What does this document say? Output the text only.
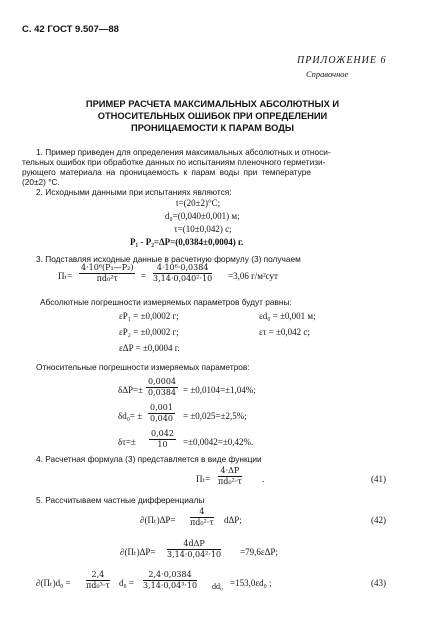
С. 42 ГОСТ 9.507—88
ПРИЛОЖЕНИЕ 6
Справочное
ПРИМЕР РАСЧЕТА МАКСИМАЛЬНЫХ АБСОЛЮТНЫХ И
ОТНОСИТЕЛЬНЫХ ОШИБОК ПРИ ОПРЕДЕЛЕНИИ
ПРОНИЦАЕМОСТИ К ПАРАМ ВОДЫ
1. Пример приведен для определения максимальных абсолютных и относи-
тельных ошибок при обработке данных по испытаниям пленочного герметизи-
рующего материала на проницаемость к парам воды при температуре
(20±2) °С.
2. Исходными данными при испытаниях являются:
t=(20±2)°С;
d₀=(0,040±0,001) м;
τ=(10±0,042) с;
P₁ - P₂=ΔP=(0,0384±0,0004) г.
3. Подставляя исходные данные в расчетную формулу (3) получаем
$П_t= \frac{\text{4·10⁶(P₁—P₂)}}{\text{πd₀²τ}} = \frac{\text{4·10⁶·0,0384}}{\text{3,14·0,040²·10}} =3,06$ г/м²сут
Абсолютные погрешности измеряемых параметров будут равны:
εP₁ = ±0,0002 г;	εd₀ = ±0,001 м;
εP₂ = ±0,0002 г;	ετ = ±0,042 с;
εΔP = ±0,0004 г.
Относительные погрешности измеряемых параметров:
$\delta\Delta P=\pm \frac{0,0004}{0,0384} = \pm 0,0104=\pm 1,04\%$;
$\delta d_0= \pm \frac{0,001}{0,040} = \pm 0,025=\pm 2,5\%$;
$\delta\tau=\pm \frac{0,042}{10} =\pm 0,0042=\pm 0,42\%$.
4. Расчетная формула (3) представляется в виде функции
$П_t= \frac{4\cdot\Delta P}{\text{πd₀²·τ}}$ .	(41)
5. Рассчитываем частные дифференциалы
$\partial(П_t)\Delta P= \frac{4}{\text{πd₀²·τ}} d\Delta P$;	(42)
∂(Пₜ)ΔP=
4dΔP
3,14·0,04²·10 =79,6εΔP;
$\partial(П_t)d_0 = \frac{2,4}{\text{πd₀³·τ}} d_0 = \frac{2,4\cdot 0,0384}{\text{3,14·0,04³·10}} dd_0 =153,0\varepsilon d_0$ ;	(43)
